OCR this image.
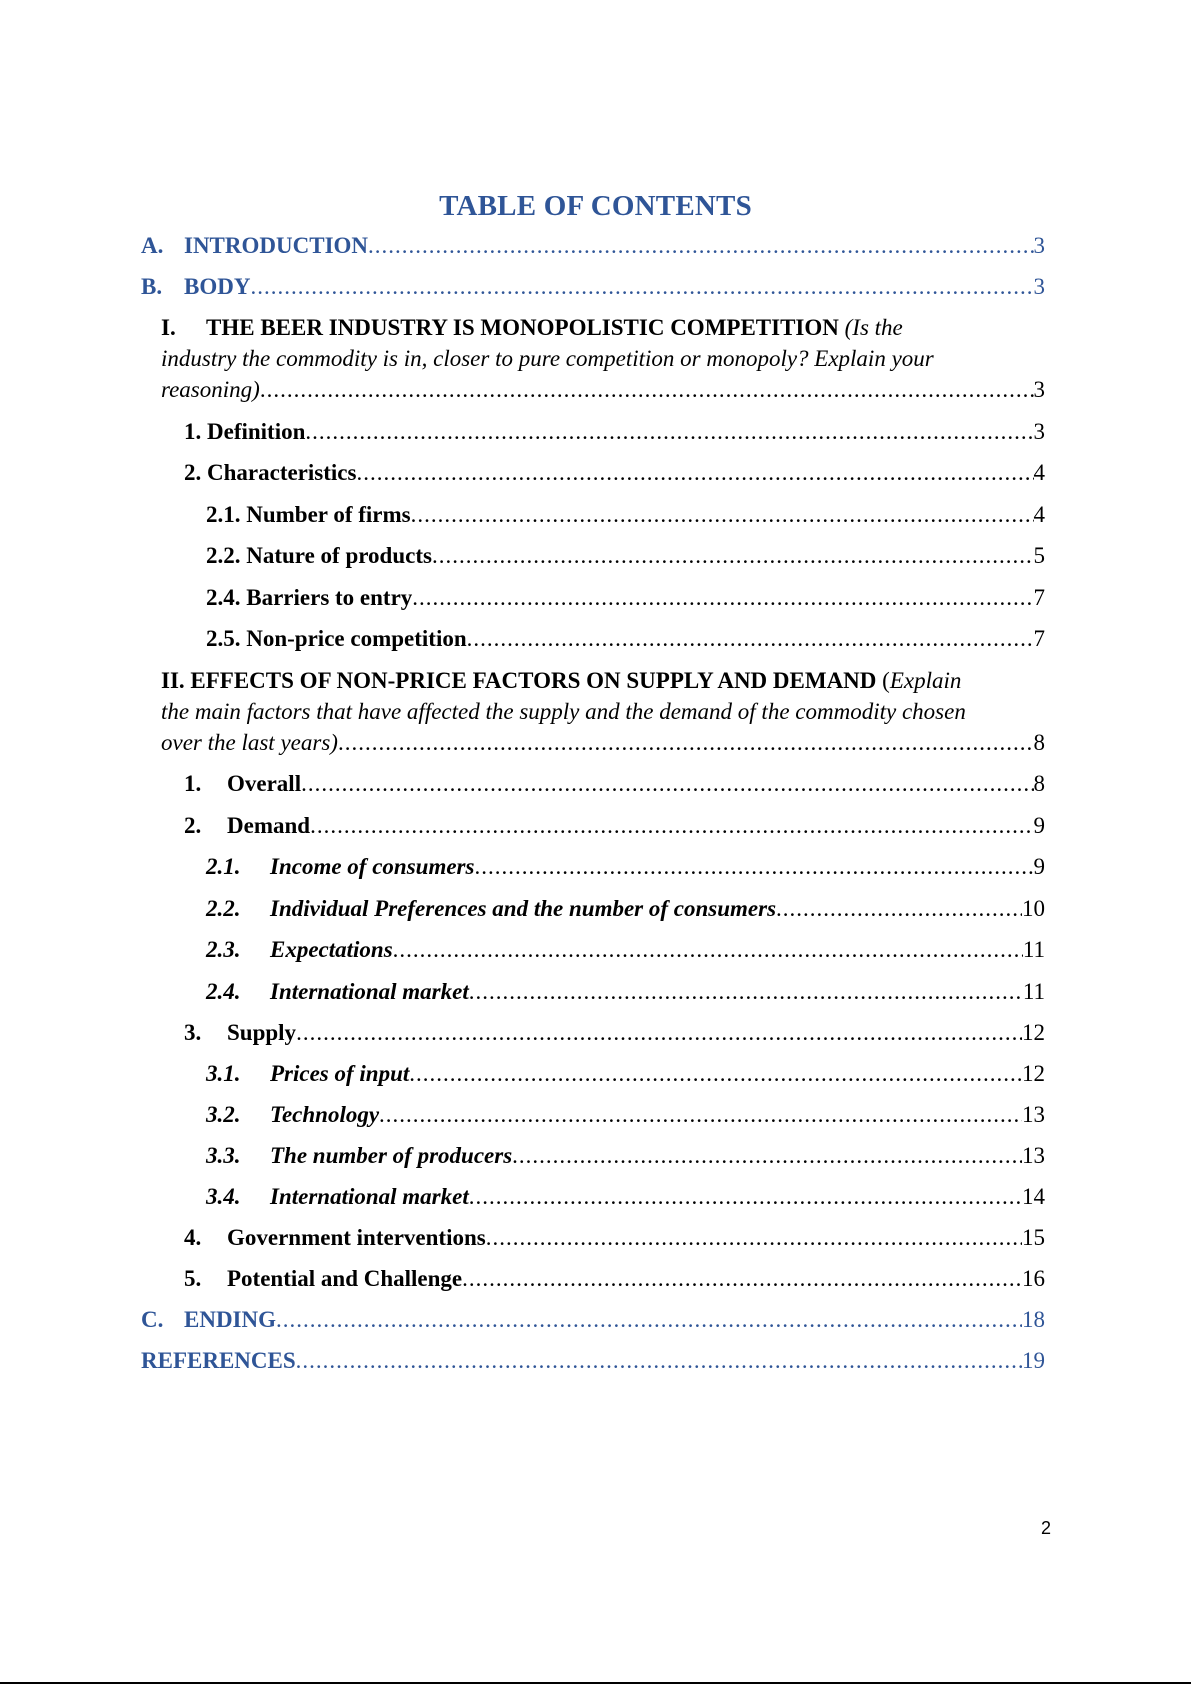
TABLE OF CONTENTS
A. INTRODUCTION .....	3
B. BODY .....	3
I. THE BEER INDUSTRY IS MONOPOLISTIC COMPETITION (Is the
industry the commodity is in, closer to pure competition or monopoly? Explain your
reasoning) .....	3
1. Definition .....	3
2. Characteristics .....	4
2.1. Number of firms .....	4
2.2. Nature of products .....	5
2.4. Barriers to entry .....	7
2.5. Non-price competition .....	7
II. EFFECTS OF NON-PRICE FACTORS ON SUPPLY AND DEMAND (Explain
the main factors that have affected the supply and the demand of the commodity chosen
over the last years) .....	8
1. Overall .....	8
2. Demand .....	9
2.1. Income of consumers .....	9
2.2. Individual Preferences and the number of consumers .....	10
2.3. Expectations .....	11
2.4. International market .....	11
3. Supply .....	12
3.1. Prices of input .....	12
3.2. Technology .....	13
3.3. The number of producers .....	13
3.4. International market .....	14
4. Government interventions .....	15
5. Potential and Challenge .....	16
C. ENDING .....	18
REFERENCES .....	19
2
